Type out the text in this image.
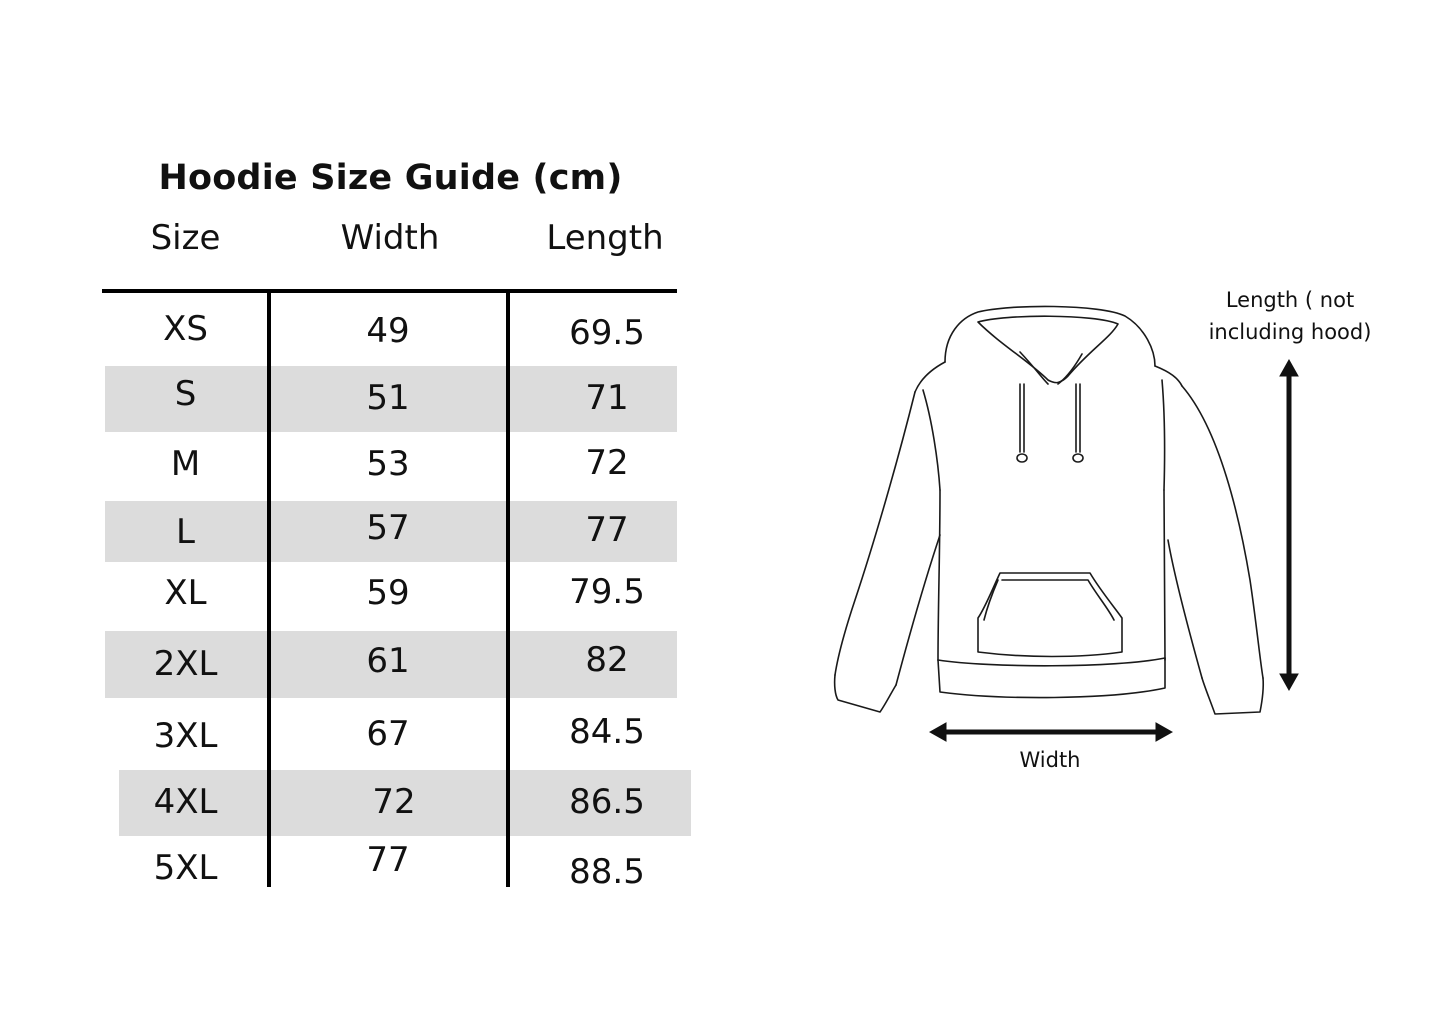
Hoodie Size Guide (cm)
Size	Width	Length
XS	49	69.5
S	51	71
M	53	72
L	57	77
XL	59	79.5
2XL	61	82
3XL	67	84.5
4XL	72	86.5
5XL	77	88.5
Length ( not including hood)
Width
